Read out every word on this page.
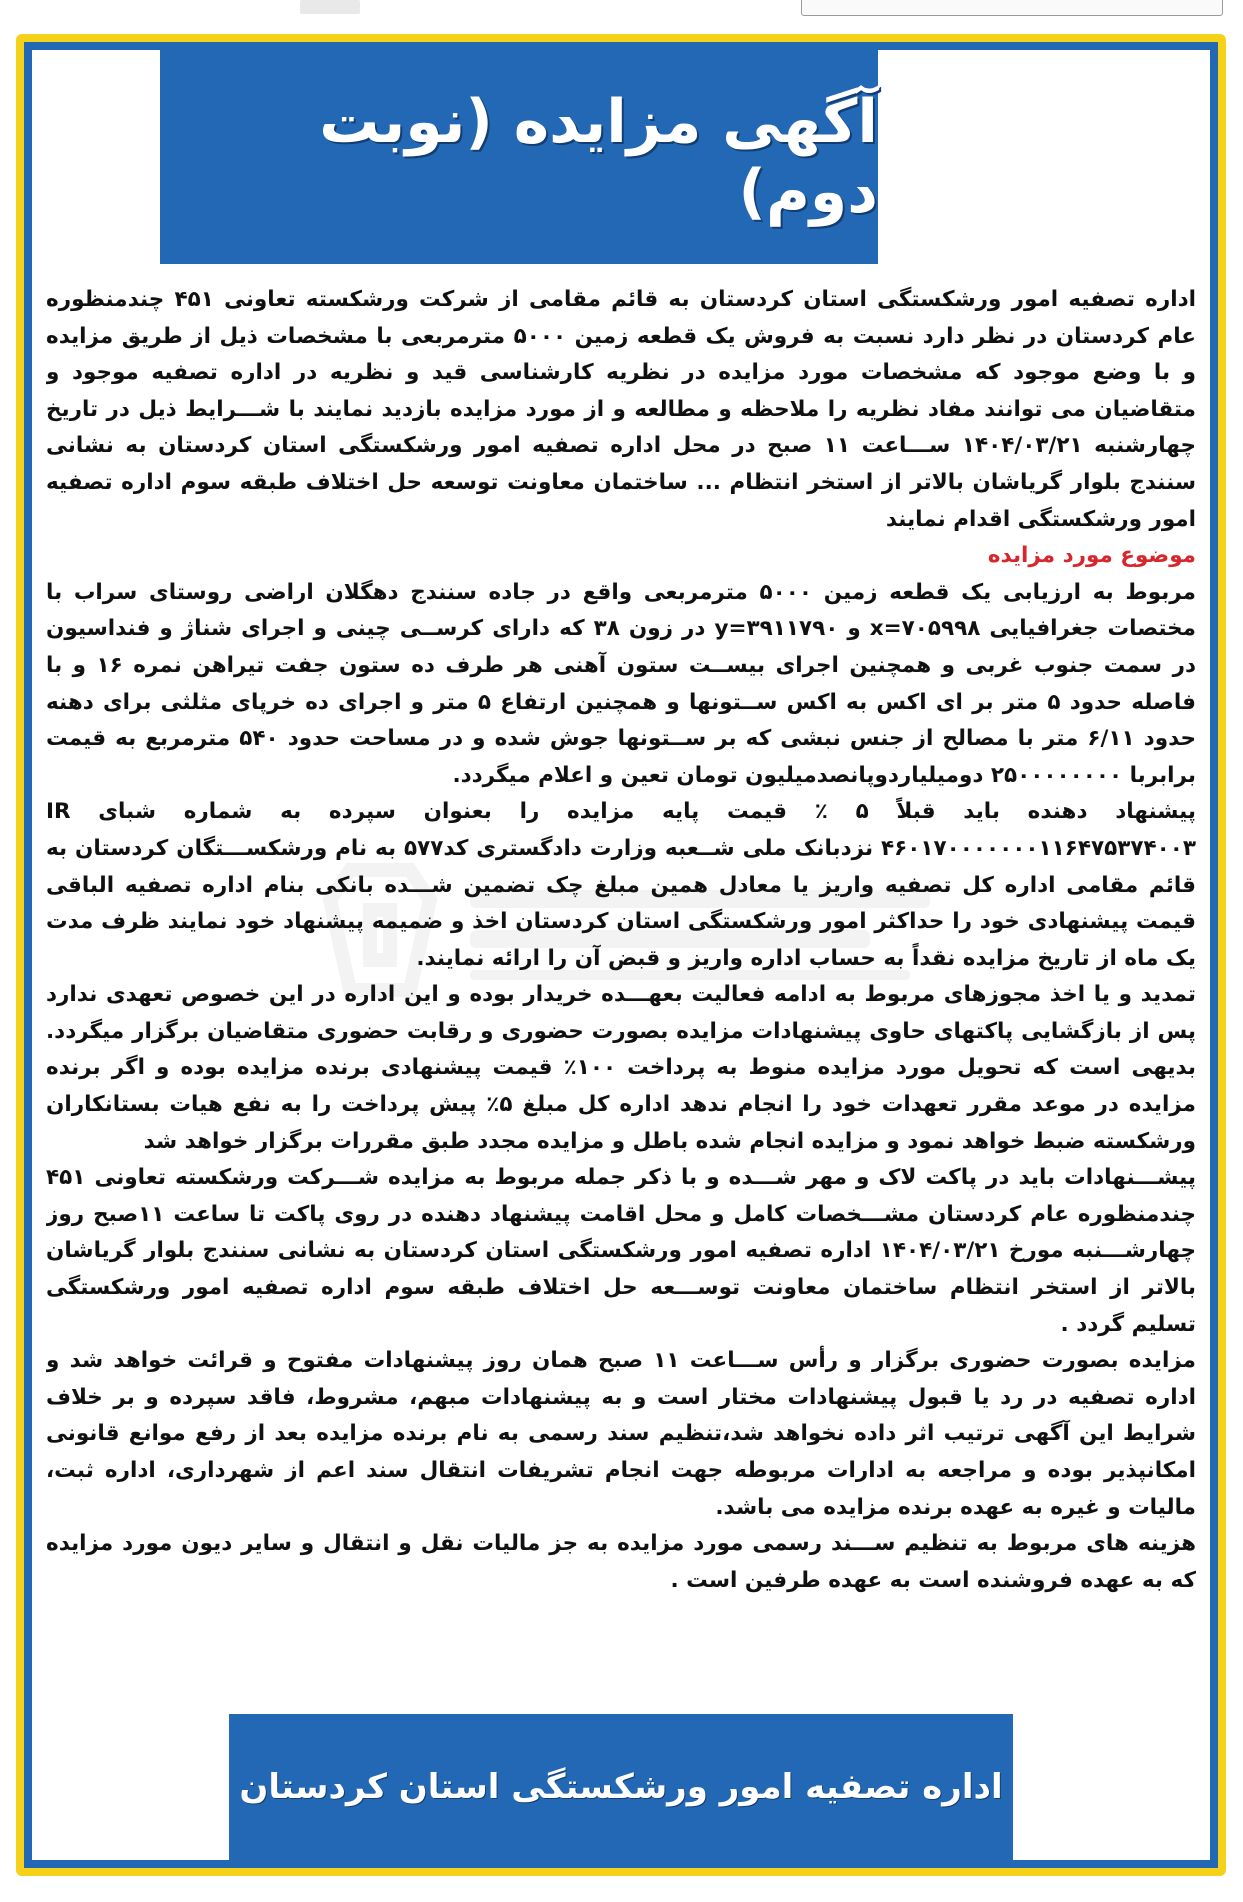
آگهی مزایده (نوبت دوم)

اداره تصفیه امور ورشکستگی استان کردستان به قائم مقامی از شرکت ورشکسته تعاونی ۴۵۱ چندمنظوره عام کردستان در نظر دارد نسبت به فروش یک قطعه زمین ۵۰۰۰ مترمربعی با مشخصات ذیل از طریق مزایده و با وضع موجود که مشخصات مورد مزایده در نظریه کارشناسی قید و نظریه در اداره تصفیه موجود و متقاضیان می توانند مفاد نظریه را ملاحظه و مطالعه و از مورد مزایده بازدید نمایند با شـــرایط ذیل در تاریخ چهارشنبه ۱۴۰۴/۰۳/۲۱ ســـاعت ۱۱ صبح در محل اداره تصفیه امور ورشکستگی استان کردستان به نشانی سنندج بلوار گریاشان بالاتر از استخر انتظام ... ساختمان معاونت توسعه حل اختلاف طبقه سوم اداره تصفیه امور ورشکستگی اقدام نمایند

موضوع مورد مزایده

مربوط به ارزیابی یک قطعه زمین ۵۰۰۰ مترمربعی واقع در جاده سنندج دهگلان اراضی روستای سراب با مختصات جغرافیایی x=۷۰۵۹۹۸ و y=۳۹۱۱۷۹۰ در زون ۳۸ که دارای کرســی چینی و اجرای شناژ و فنداسیون در سمت جنوب غربی و همچنین اجرای بیســت ستون آهنی هر طرف ده ستون جفت تیراهن نمره ۱۶ و با فاصله حدود ۵ متر بر ای اکس به اکس ســتونها و همچنین ارتفاع ۵ متر و اجرای ده خرپای مثلثی برای دهنه حدود ۶/۱۱ متر با مصالح از جنس نبشی که بر ســتونها جوش شده و در مساحت حدود ۵۴۰ مترمربع به قیمت برابربا ۲۵۰۰۰۰۰۰۰۰ دومیلیاردوپانصدمیلیون تومان تعین و اعلام میگردد.

پیشنهاد دهنده باید قبلاً ۵ ٪ قیمت پایه مزایده را بعنوان سپرده به شماره شبای IR ۴۶۰۱۷۰۰۰۰۰۰۰۱۱۶۴۷۵۳۷۴۰۰۳ نزدبانک ملی شــعبه وزارت دادگستری کد۵۷۷ به نام ورشکســـتگان کردستان به قائم مقامی اداره کل تصفیه واریز یا معادل همین مبلغ چک تضمین شـــده بانکی بنام اداره تصفیه الباقی قیمت پیشنهادی خود را حداکثر امور ورشکستگی استان کردستان اخذ و ضمیمه پیشنهاد خود نمایند ظرف مدت یک ماه از تاریخ مزایده نقداً به حساب اداره واریز و قبض آن را ارائه نمایند.

تمدید و یا اخذ مجوزهای مربوط به ادامه فعالیت بعهـــده خریدار بوده و این اداره در این خصوص تعهدی ندارد پس از بازگشایی پاکتهای حاوی پیشنهادات مزایده بصورت حضوری و رقابت حضوری متقاضیان برگزار میگردد. بدیهی است که تحویل مورد مزایده منوط به پرداخت ۱۰۰٪ قیمت پیشنهادی برنده مزایده بوده و اگر برنده مزایده در موعد مقرر تعهدات خود را انجام ندهد اداره کل مبلغ ۵٪ پیش پرداخت را به نفع هیات بستانکاران ورشکسته ضبط خواهد نمود و مزایده انجام شده باطل و مزایده مجدد طبق مقررات برگزار خواهد شد

پیشـــنهادات باید در پاکت لاک و مهر شـــده و با ذکر جمله مربوط به مزایده شـــرکت ورشکسته تعاونی ۴۵۱ چندمنظوره عام کردستان مشـــخصات کامل و محل اقامت پیشنهاد دهنده در روی پاکت تا ساعت ۱۱صبح روز چهارشـــنبه مورخ ۱۴۰۴/۰۳/۲۱ اداره تصفیه امور ورشکستگی استان کردستان به نشانی سنندج بلوار گریاشان بالاتر از استخر انتظام ساختمان معاونت توســـعه حل اختلاف طبقه سوم اداره تصفیه امور ورشکستگی تسلیم گردد .

مزایده بصورت حضوری برگزار و رأس ســـاعت ۱۱ صبح همان روز پیشنهادات مفتوح و قرائت خواهد شد و اداره تصفیه در رد یا قبول پیشنهادات مختار است و به پیشنهادات مبهم، مشروط، فاقد سپرده و بر خلاف شرایط این آگهی ترتیب اثر داده نخواهد شد،تنظیم سند رسمی به نام برنده مزایده بعد از رفع موانع قانونی امکانپذیر بوده و مراجعه به ادارات مربوطه جهت انجام تشریفات انتقال سند اعم از شهرداری، اداره ثبت، مالیات و غیره به عهده برنده مزایده می باشد.

هزینه های مربوط به تنظیم ســـند رسمی مورد مزایده به جز مالیات نقل و انتقال و سایر دیون مورد مزایده که به عهده فروشنده است به عهده طرفین است .

اداره تصفیه امور ورشکستگی استان کردستان
